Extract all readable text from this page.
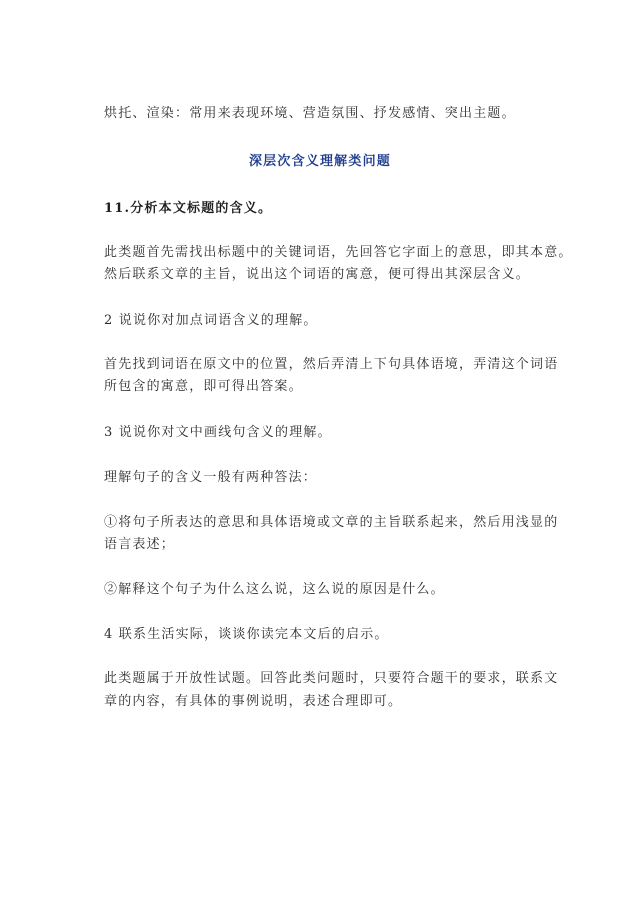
烘托、渲染：常用来表现环境、营造氛围、抒发感情、突出主题。
深层次含义理解类问题
11.分析本文标题的含义。
此类题首先需找出标题中的关键词语，先回答它字面上的意思，即其本意。
然后联系文章的主旨，说出这个词语的寓意，便可得出其深层含义。
2 说说你对加点词语含义的理解。
首先找到词语在原文中的位置，然后弄清上下句具体语境，弄清这个词语
所包含的寓意，即可得出答案。
3 说说你对文中画线句含义的理解。
理解句子的含义一般有两种答法：
①将句子所表达的意思和具体语境或文章的主旨联系起来，然后用浅显的
语言表述；
②解释这个句子为什么这么说，这么说的原因是什么。
4 联系生活实际，谈谈你读完本文后的启示。
此类题属于开放性试题。回答此类问题时，只要符合题干的要求，联系文
章的内容，有具体的事例说明，表述合理即可。
